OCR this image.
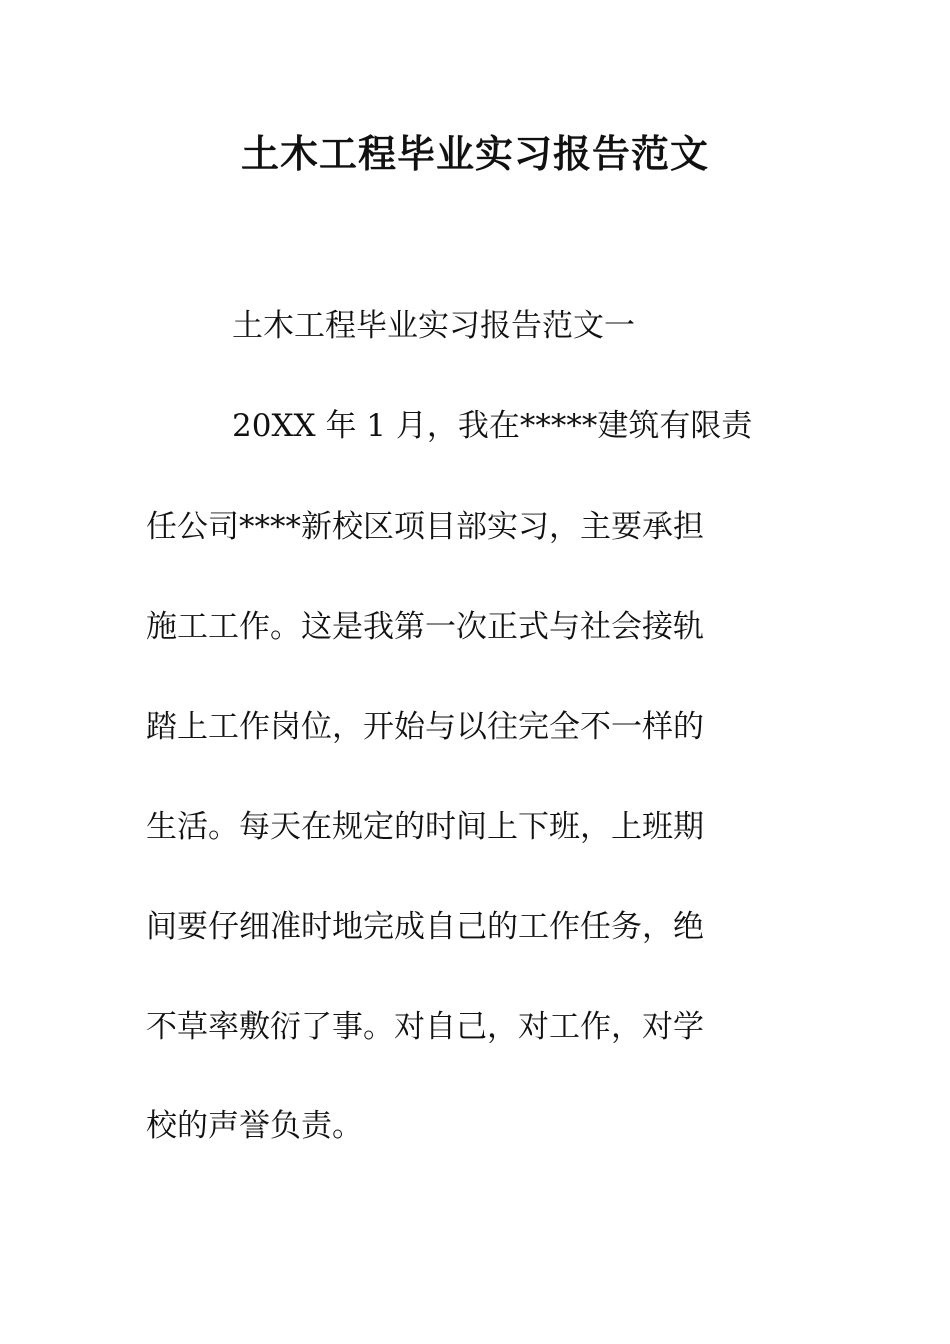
土木工程毕业实习报告范文

土木工程毕业实习报告范文一

20XX 年 1 月，我在*****建筑有限责

任公司****新校区项目部实习，主要承担

施工工作。这是我第一次正式与社会接轨

踏上工作岗位，开始与以往完全不一样的

生活。每天在规定的时间上下班，上班期

间要仔细准时地完成自己的工作任务，绝

不草率敷衍了事。对自己，对工作，对学

校的声誉负责。
